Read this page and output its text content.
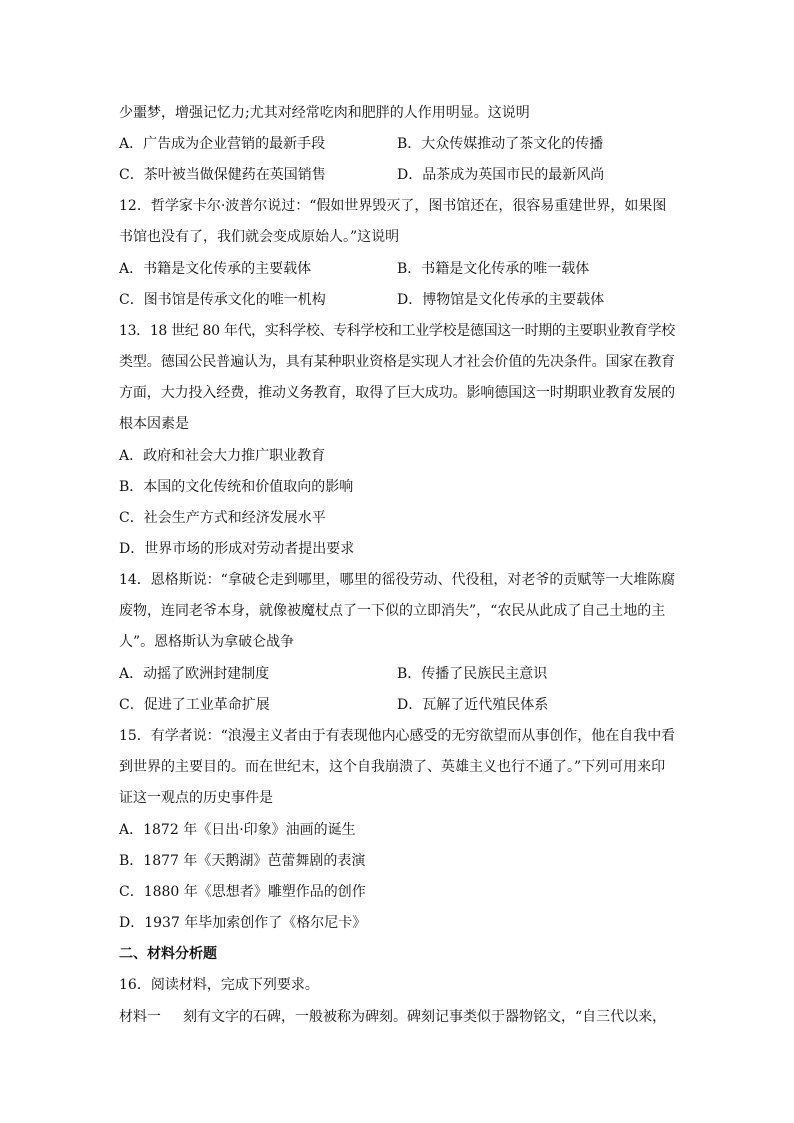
少噩梦，增强记忆力;尤其对经常吃肉和肥胖的人作用明显。这说明
A．广告成为企业营销的最新手段	B．大众传媒推动了茶文化的传播
C．茶叶被当做保健药在英国销售	D．品茶成为英国市民的最新风尚
12．哲学家卡尔·波普尔说过：“假如世界毁灭了，图书馆还在，很容易重建世界，如果图
书馆也没有了，我们就会变成原始人。”这说明
A．书籍是文化传承的主要载体	B．书籍是文化传承的唯一载体
C．图书馆是传承文化的唯一机构	D．博物馆是文化传承的主要载体
13．18 世纪 80 年代，实科学校、专科学校和工业学校是德国这一时期的主要职业教育学校
类型。德国公民普遍认为，具有某种职业资格是实现人才社会价值的先决条件。国家在教育
方面，大力投入经费，推动义务教育，取得了巨大成功。影响德国这一时期职业教育发展的
根本因素是
A．政府和社会大力推广职业教育
B．本国的文化传统和价值取向的影响
C．社会生产方式和经济发展水平
D．世界市场的形成对劳动者提出要求
14．恩格斯说：“拿破仑走到哪里，哪里的徭役劳动、代役租，对老爷的贡赋等一大堆陈腐
废物，连同老爷本身，就像被魔杖点了一下似的立即消失”，“农民从此成了自己土地的主
人”。恩格斯认为拿破仑战争
A．动摇了欧洲封建制度	B．传播了民族民主意识
C．促进了工业革命扩展	D．瓦解了近代殖民体系
15．有学者说：“浪漫主义者由于有表现他内心感受的无穷欲望而从事创作，他在自我中看
到世界的主要目的。而在世纪末，这个自我崩溃了、英雄主义也行不通了。”下列可用来印
证这一观点的历史事件是
A．1872 年《日出·印象》油画的诞生
B．1877 年《天鹅湖》芭蕾舞剧的表演
C．1880 年《思想者》雕塑作品的创作
D．1937 年毕加索创作了《格尔尼卡》
二、材料分析题
16．阅读材料，完成下列要求。
材料一 刻有文字的石碑，一般被称为碑刻。碑刻记事类似于器物铭文，“自三代以来，
